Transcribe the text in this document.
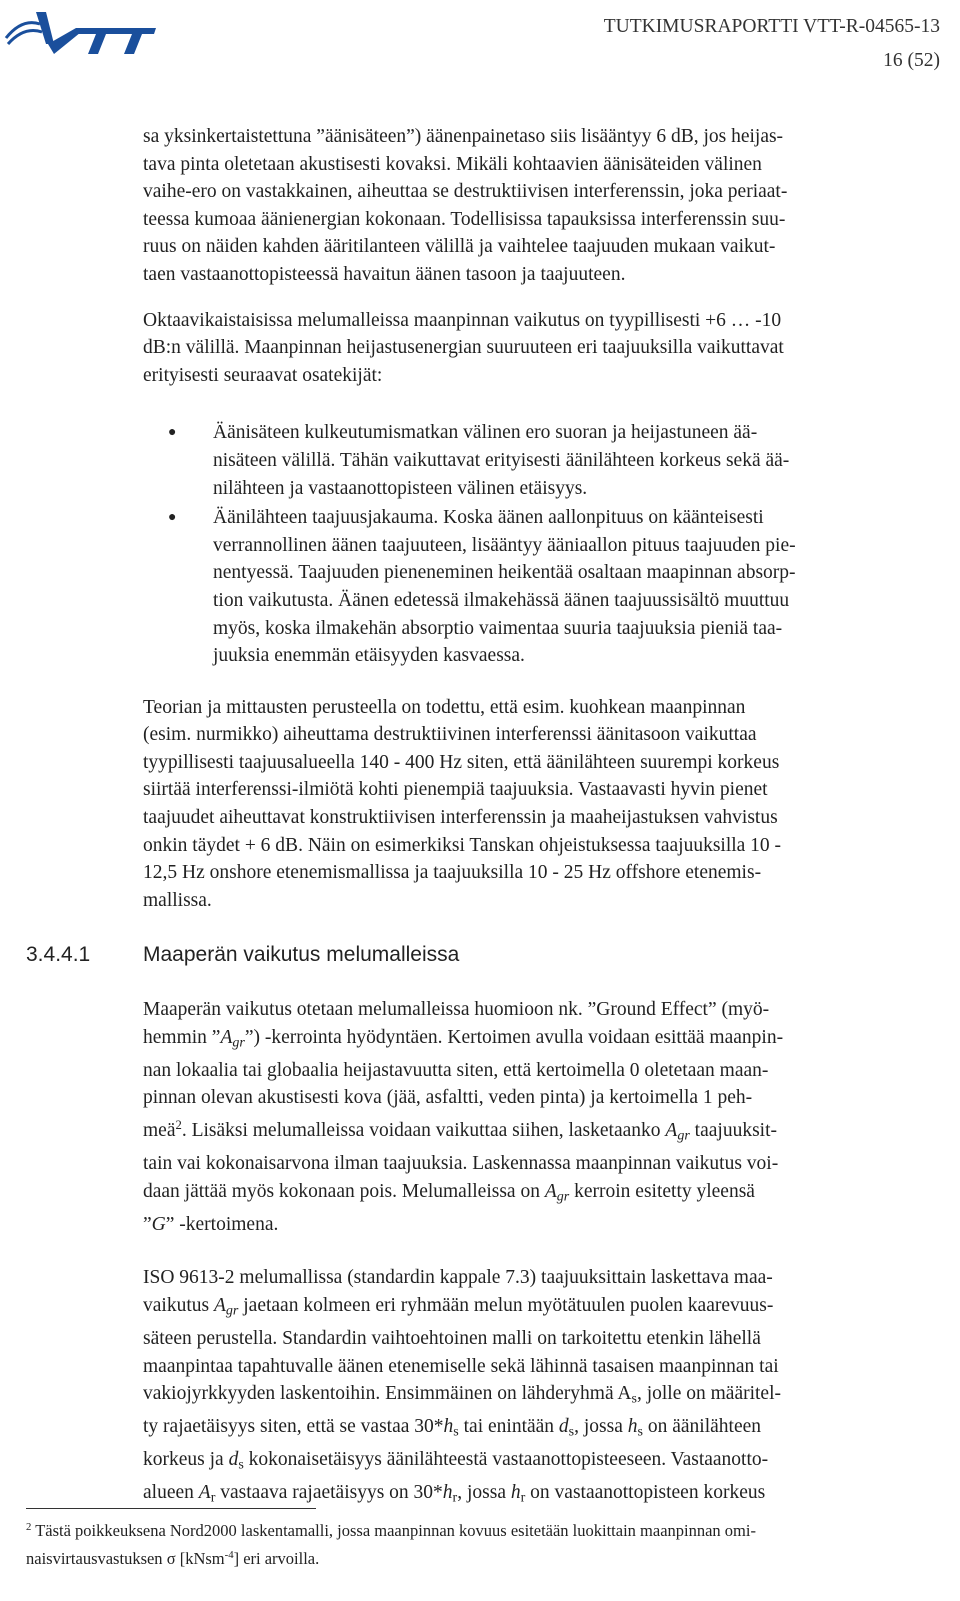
VTT
TUTKIMUSRAPORTTI VTT-R-04565-13
16 (52)

sa yksinkertaistettuna ”äänisäteen”) äänenpainetaso siis lisääntyy 6 dB, jos heijas-
tava pinta oletetaan akustisesti kovaksi. Mikäli kohtaavien äänisäteiden välinen
vaihe-ero on vastakkainen, aiheuttaa se destruktiivisen interferenssin, joka periaat-
teessa kumoaa äänienergian kokonaan. Todellisissa tapauksissa interferenssin suu-
ruus on näiden kahden ääritilanteen välillä ja vaihtelee taajuuden mukaan vaikut-
taen vastaanottopisteessä havaitun äänen tasoon ja taajuuteen.

Oktaavikaistaisissa melumalleissa maanpinnan vaikutus on tyypillisesti +6 … -10
dB:n välillä. Maanpinnan heijastusenergian suuruuteen eri taajuuksilla vaikuttavat
erityisesti seuraavat osatekijät:

● Äänisäteen kulkeutumismatkan välinen ero suoran ja heijastuneen ää-
nisäteen välillä. Tähän vaikuttavat erityisesti äänilähteen korkeus sekä ää-
nilähteen ja vastaanottopisteen välinen etäisyys.
● Äänilähteen taajuusjakauma. Koska äänen aallonpituus on käänteisesti
verrannollinen äänen taajuuteen, lisääntyy ääniaallon pituus taajuuden pie-
nentyessä. Taajuuden pieneneminen heikentää osaltaan maapinnan absorp-
tion vaikutusta. Äänen edetessä ilmakehässä äänen taajuussisältö muuttuu
myös, koska ilmakehän absorptio vaimentaa suuria taajuuksia pieniä taa-
juuksia enemmän etäisyyden kasvaessa.

Teorian ja mittausten perusteella on todettu, että esim. kuohkean maanpinnan
(esim. nurmikko) aiheuttama destruktiivinen interferenssi äänitasoon vaikuttaa
tyypillisesti taajuusalueella 140 - 400 Hz siten, että äänilähteen suurempi korkeus
siirtää interferenssi-ilmiötä kohti pienempiä taajuuksia. Vastaavasti hyvin pienet
taajuudet aiheuttavat konstruktiivisen interferenssin ja maaheijastuksen vahvistus
onkin täydet + 6 dB. Näin on esimerkiksi Tanskan ohjeistuksessa taajuuksilla 10 -
12,5 Hz onshore etenemismallissa ja taajuuksilla 10 - 25 Hz offshore etenemis-
mallissa.

3.4.4.1	Maaperän vaikutus melumalleissa

Maaperän vaikutus otetaan melumalleissa huomioon nk. ”Ground Effect” (myö-
hemmin $”A_{gr}$”) -kerrointa hyödyntäen. Kertoimen avulla voidaan esittää maanpin-
nan lokaalia tai globaalia heijastavuutta siten, että kertoimella 0 oletetaan maan-
pinnan olevan akustisesti kova (jää, asfaltti, veden pinta) ja kertoimella 1 peh-
meä$^2$. Lisäksi melumalleissa voidaan vaikuttaa siihen, lasketaanko $A_{gr}$ taajuuksit-
tain vai kokonaisarvona ilman taajuuksia. Laskennassa maanpinnan vaikutus voi-
daan jättää myös kokonaan pois. Melumalleissa on $A_{gr}$ kerroin esitetty yleensä
”G” -kertoimena.

ISO 9613-2 melumallissa (standardin kappale 7.3) taajuuksittain laskettava maa-
vaikutus $A_{gr}$ jaetaan kolmeen eri ryhmään melun myötätuulen puolen kaarevuus-
säteen perustella. Standardin vaihtoehtoinen malli on tarkoitettu etenkin lähellä
maanpintaa tapahtuvalle äänen etenemiselle sekä lähinnä tasaisen maanpinnan tai
vakiojyrkkyyden laskentoihin. Ensimmäinen on lähderyhmä As, jolle on määritel-
ty rajaetäisyys siten, että se vastaa 30*hs tai enintään ds, jossa hs on äänilähteen
korkeus ja ds kokonaisetäisyys äänilähteestä vastaanottopisteeseen. Vastaanotto-
alueen Ar vastaava rajaetäisyys on 30*hr, jossa hr on vastaanottopisteen korkeus

$^2$ Tästä poikkeuksena Nord2000 laskentamalli, jossa maanpinnan kovuus esitetään luokittain maanpinnan omi-
naisvirtausvastuksen σ [kNsm$^{-4}$] eri arvoilla.
